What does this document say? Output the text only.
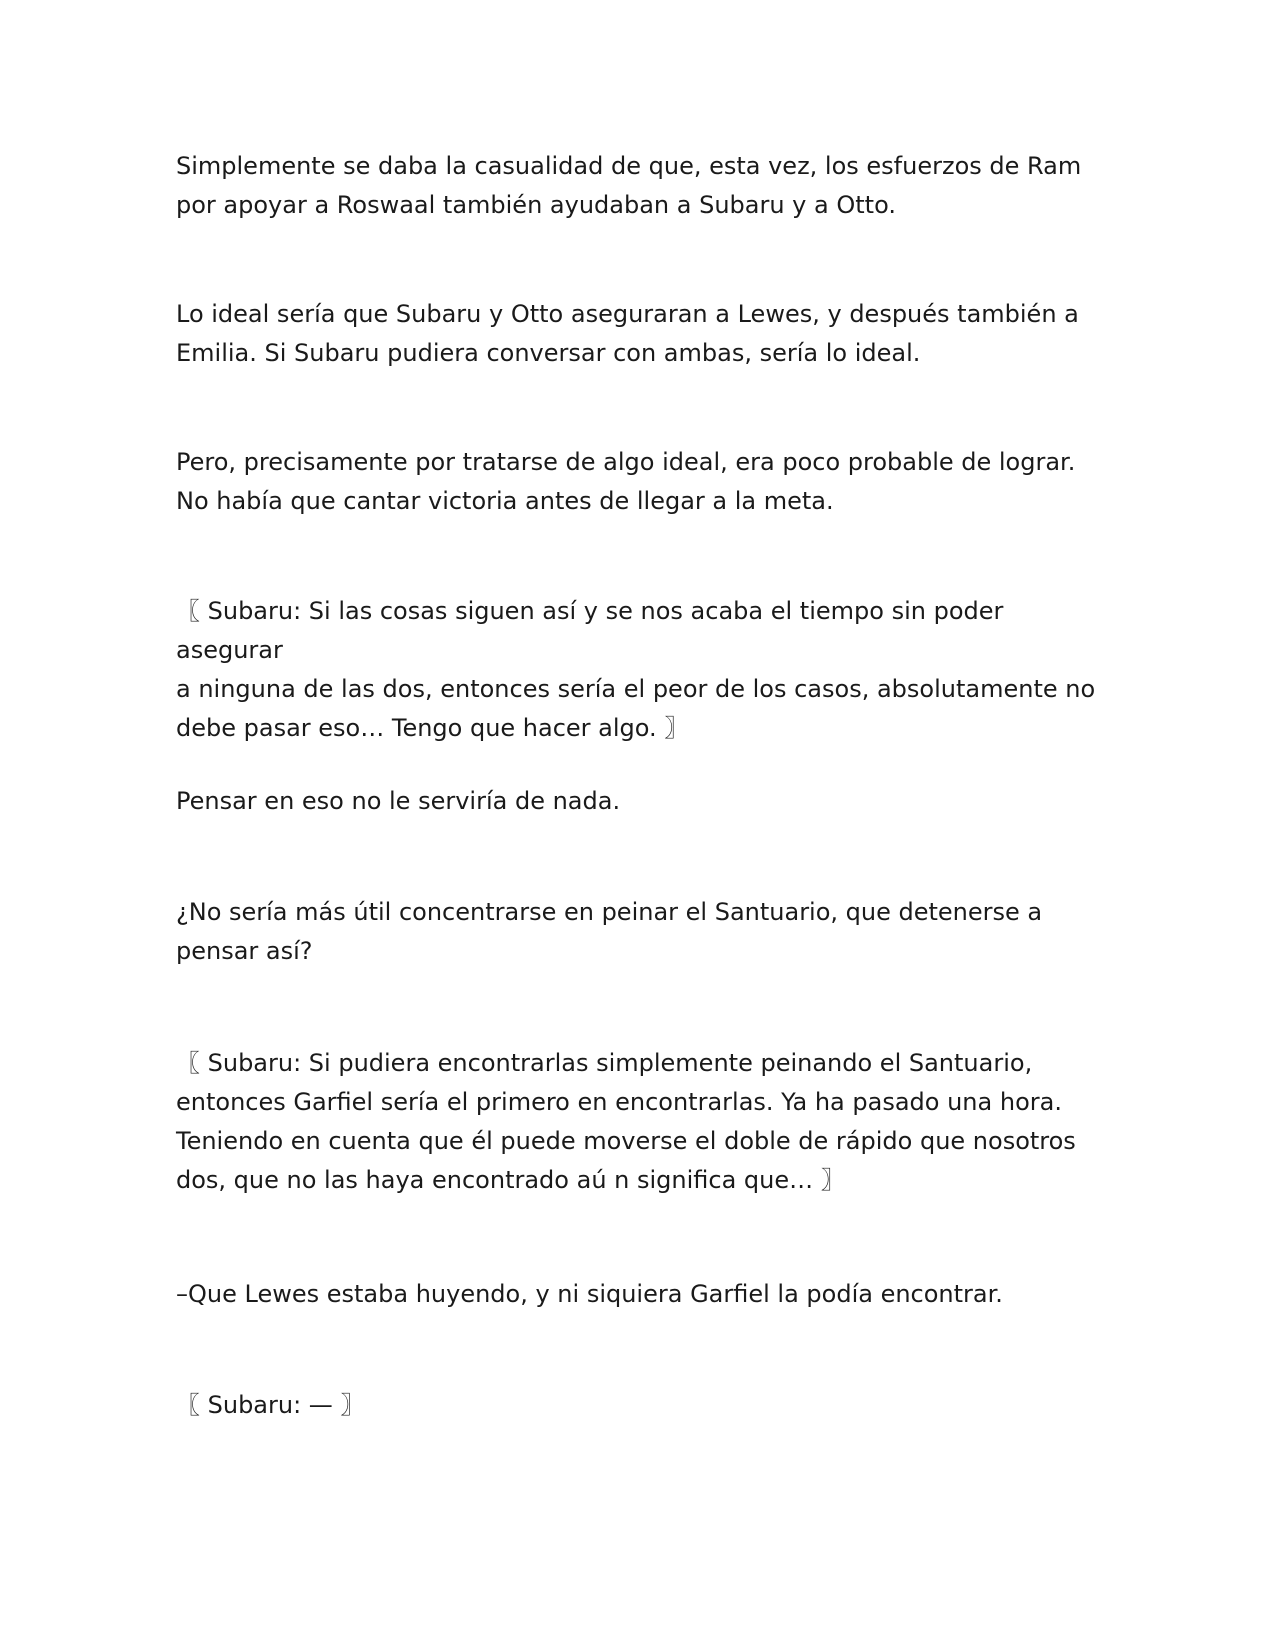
Simplemente se daba la casualidad de que, esta vez, los esfuerzos de Ram
por apoyar a Roswaal también ayudaban a Subaru y a Otto.

Lo ideal sería que Subaru y Otto aseguraran a Lewes, y después también a
Emilia. Si Subaru pudiera conversar con ambas, sería lo ideal.

Pero, precisamente por tratarse de algo ideal, era poco probable de lograr.
No había que cantar victoria antes de llegar a la meta.

〖 Subaru: Si las cosas siguen así y se nos acaba el tiempo sin poder asegurar
a ninguna de las dos, entonces sería el peor de los casos, absolutamente no
debe pasar eso… Tengo que hacer algo. 〗

Pensar en eso no le serviría de nada.

¿No sería más útil concentrarse en peinar el Santuario, que detenerse a
pensar así?

〖 Subaru: Si pudiera encontrarlas simplemente peinando el Santuario,
entonces Garfiel sería el primero en encontrarlas. Ya ha pasado una hora.
Teniendo en cuenta que él puede moverse el doble de rápido que nosotros
dos, que no las haya encontrado aú n significa que… 〗

–Que Lewes estaba huyendo, y ni siquiera Garfiel la podía encontrar.

〖 Subaru: — 〗
